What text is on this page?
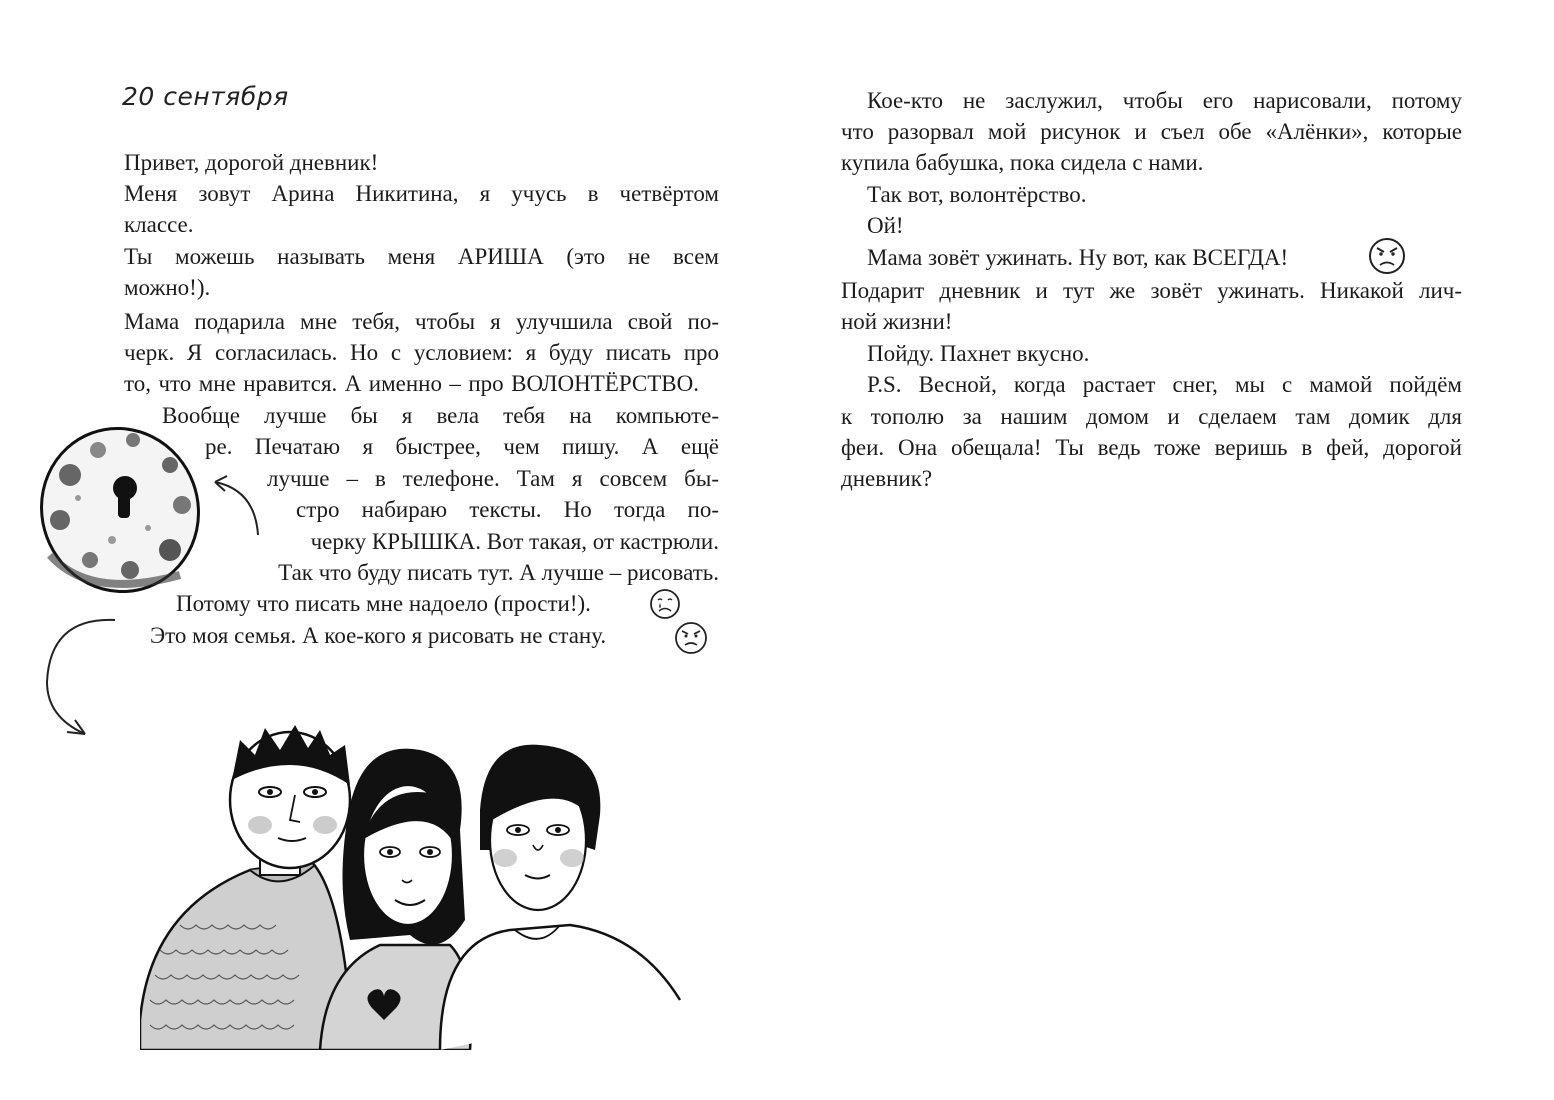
20 сентября
Привет, дорогой дневник!
Меня зовут Арина Никитина, я учусь в четвёртом
классе.
Ты можешь называть меня АРИША (это не всем
можно!).
Мама подарила мне тебя, чтобы я улучшила свой по-
черк. Я согласилась. Но с условием: я буду писать про
то, что мне нравится. А именно – про ВОЛОНТЁРСТВО.
Вообще лучше бы я вела тебя на компьюте-
ре. Печатаю я быстрее, чем пишу. А ещё
лучше – в телефоне. Там я совсем бы-
стро набираю тексты. Но тогда по-
черку КРЫШКА. Вот такая, от кастрюли.
Так что буду писать тут. А лучше – рисовать.
Потому что писать мне надоело (прости!).
Это моя семья. А кое-кого я рисовать не стану.
Кое-кто не заслужил, чтобы его нарисовали, потому
что разорвал мой рисунок и съел обе «Алёнки», которые
купила бабушка, пока сидела с нами.
Так вот, волонтёрство.
Ой!
Мама зовёт ужинать. Ну вот, как ВСЕГДА!
Подарит дневник и тут же зовёт ужинать. Никакой лич-
ной жизни!
Пойду. Пахнет вкусно.
P.S. Весной, когда растает снег, мы с мамой пойдём
к тополю за нашим домом и сделаем там домик для
феи. Она обещала! Ты ведь тоже веришь в фей, дорогой
дневник?
